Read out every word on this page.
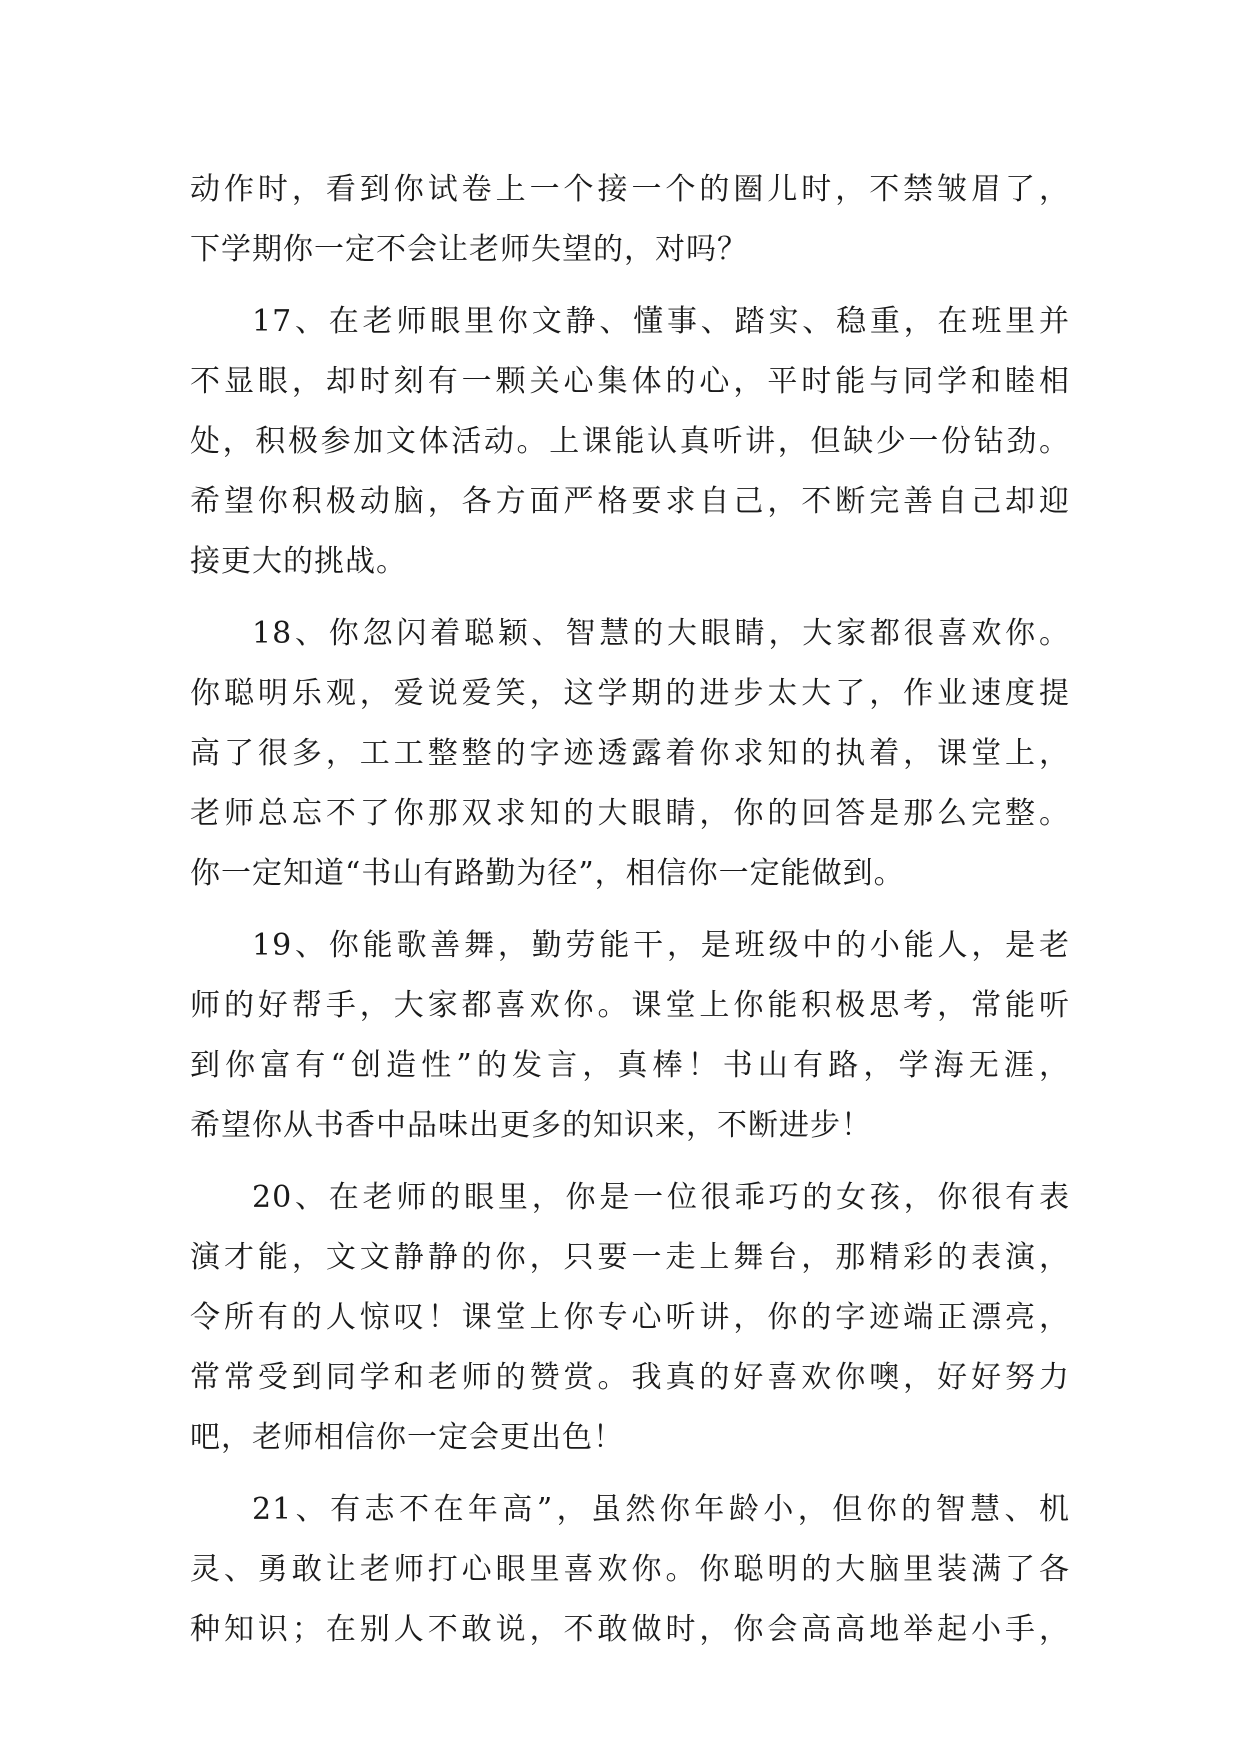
动作时，看到你试卷上一个接一个的圈儿时，不禁皱眉了，
下学期你一定不会让老师失望的，对吗？
17、在老师眼里你文静、懂事、踏实、稳重，在班里并
不显眼，却时刻有一颗关心集体的心，平时能与同学和睦相
处，积极参加文体活动。上课能认真听讲，但缺少一份钻劲。
希望你积极动脑，各方面严格要求自己，不断完善自己却迎
接更大的挑战。
18、你忽闪着聪颖、智慧的大眼睛，大家都很喜欢你。
你聪明乐观，爱说爱笑，这学期的进步太大了，作业速度提
高了很多，工工整整的字迹透露着你求知的执着，课堂上，
老师总忘不了你那双求知的大眼睛，你的回答是那么完整。
你一定知道“书山有路勤为径”，相信你一定能做到。
19、你能歌善舞，勤劳能干，是班级中的小能人，是老
师的好帮手，大家都喜欢你。课堂上你能积极思考，常能听
到你富有“创造性”的发言，真棒！书山有路，学海无涯，
希望你从书香中品味出更多的知识来，不断进步！
20、在老师的眼里，你是一位很乖巧的女孩，你很有表
演才能，文文静静的你，只要一走上舞台，那精彩的表演，
令所有的人惊叹！课堂上你专心听讲，你的字迹端正漂亮，
常常受到同学和老师的赞赏。我真的好喜欢你噢，好好努力
吧，老师相信你一定会更出色！
21、有志不在年高”，虽然你年龄小，但你的智慧、机
灵、勇敢让老师打心眼里喜欢你。你聪明的大脑里装满了各
种知识；在别人不敢说，不敢做时，你会高高地举起小手，
